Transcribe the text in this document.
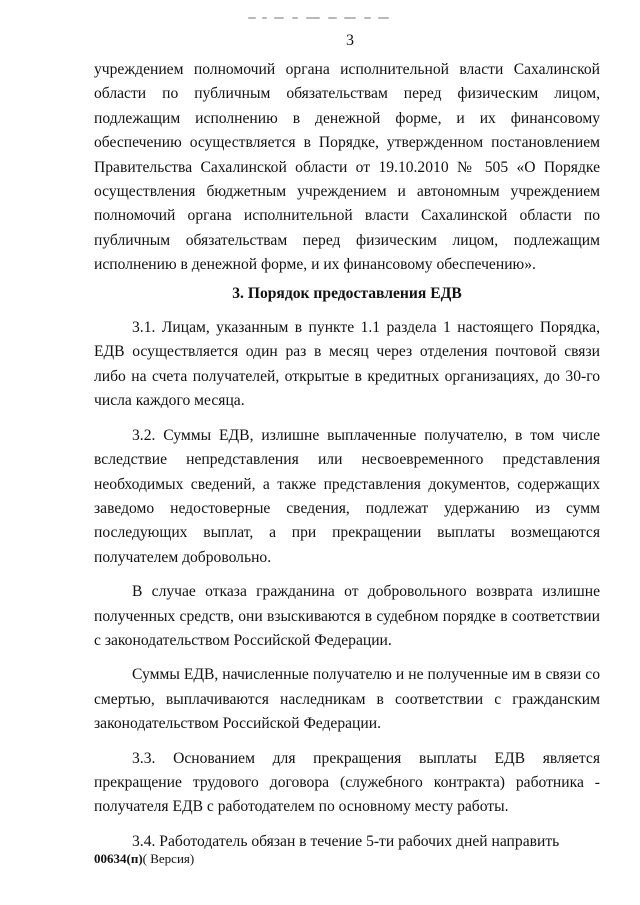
3

учреждением полномочий органа исполнительной власти Сахалинской области по публичным обязательствам перед физическим лицом, подлежащим исполнению в денежной форме, и их финансовому обеспечению осуществляется в Порядке, утвержденном постановлением Правительства Сахалинской области от 19.10.2010 № 505 «О Порядке осуществления бюджетным учреждением и автономным учреждением полномочий органа исполнительной власти Сахалинской области по публичным обязательствам перед физическим лицом, подлежащим исполнению в денежной форме, и их финансовому обеспечению».

3. Порядок предоставления ЕДВ

3.1. Лицам, указанным в пункте 1.1 раздела 1 настоящего Порядка, ЕДВ осуществляется один раз в месяц через отделения почтовой связи либо на счета получателей, открытые в кредитных организациях, до 30-го числа каждого месяца.

3.2. Суммы ЕДВ, излишне выплаченные получателю, в том числе вследствие непредставления или несвоевременного представления необходимых сведений, а также представления документов, содержащих заведомо недостоверные сведения, подлежат удержанию из сумм последующих выплат, а при прекращении выплаты возмещаются получателем добровольно.

В случае отказа гражданина от добровольного возврата излишне полученных средств, они взыскиваются в судебном порядке в соответствии с законодательством Российской Федерации.

Суммы ЕДВ, начисленные получателю и не полученные им в связи со смертью, выплачиваются наследникам в соответствии с гражданским законодательством Российской Федерации.

3.3. Основанием для прекращения выплаты ЕДВ является прекращение трудового договора (служебного контракта) работника - получателя ЕДВ с работодателем по основному месту работы.

3.4. Работодатель обязан в течение 5-ти рабочих дней направить

00634(п)( Версия)
